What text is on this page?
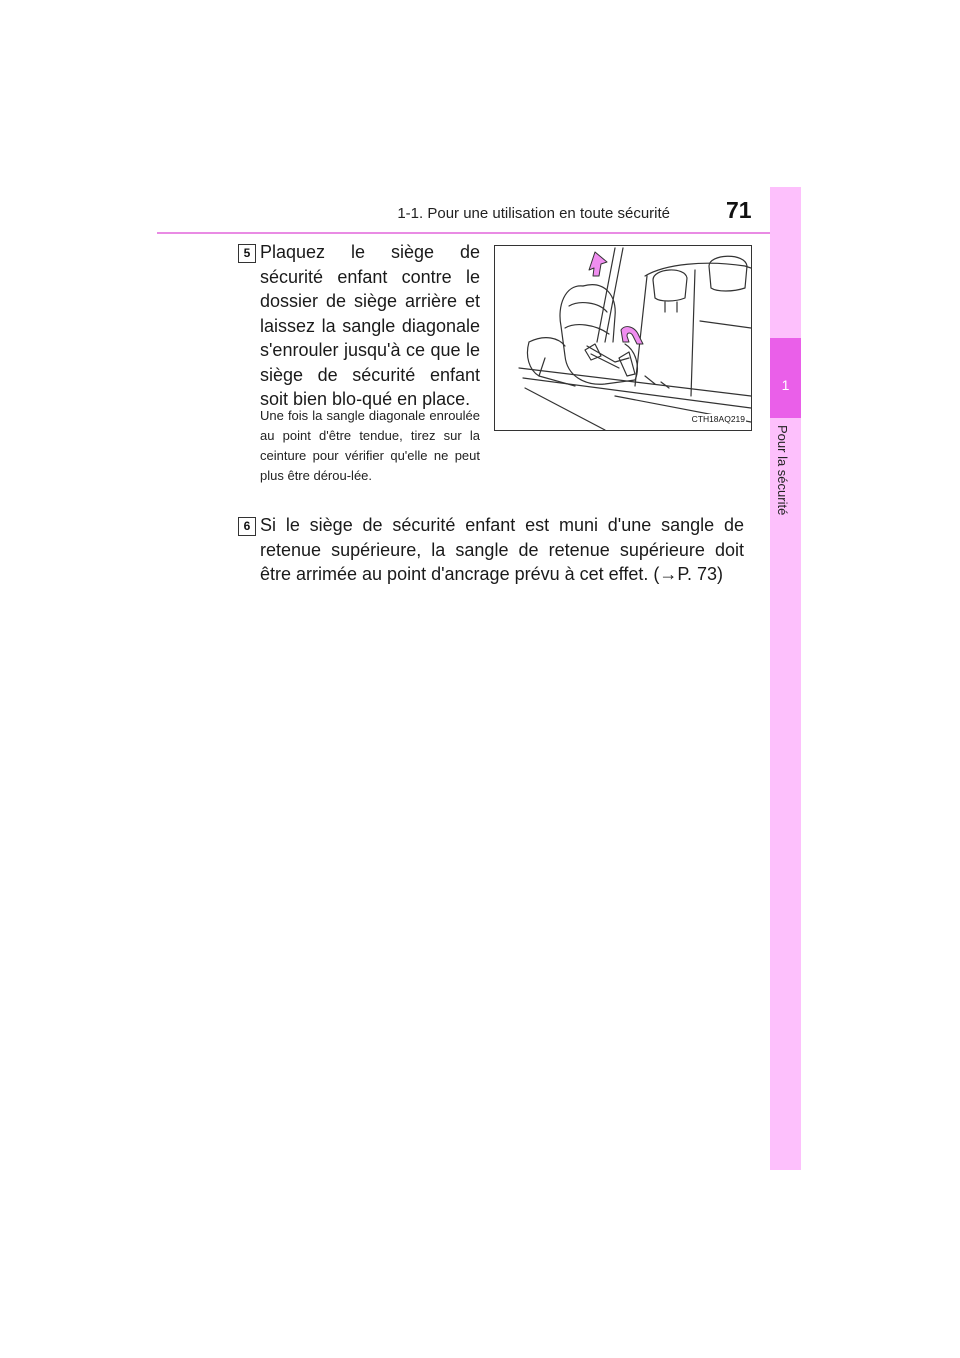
1-1. Pour une utilisation en toute sécurité 71
1
Pour la sécurité
5 Plaquez le siège de sécurité enfant contre le dossier de siège arrière et laissez la sangle diagonale s'enrouler jusqu'à ce que le siège de sécurité enfant soit bien blo-qué en place.
Une fois la sangle diagonale enroulée au point d'être tendue, tirez sur la ceinture pour vérifier qu'elle ne peut plus être dérou-lée.
CTH18AQ219
6 Si le siège de sécurité enfant est muni d'une sangle de retenue supérieure, la sangle de retenue supérieure doit être arrimée au point d'ancrage prévu à cet effet. (→P. 73)
